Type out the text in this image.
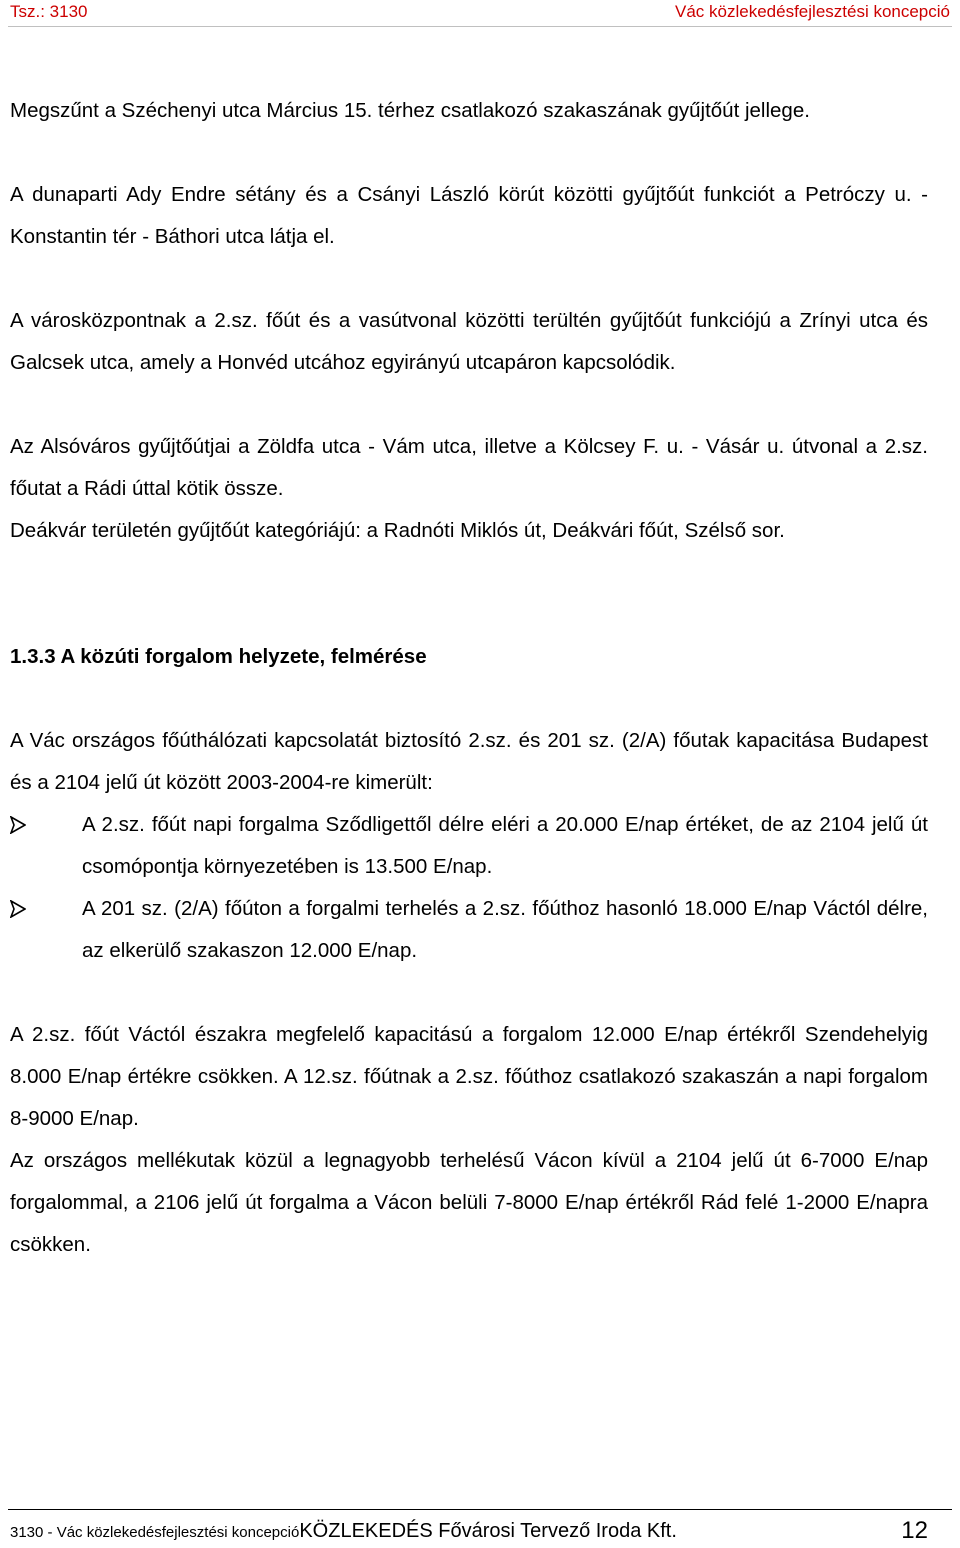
Tsz.: 3130	Vác közlekedésfejlesztési koncepció

Megszűnt a Széchenyi utca Március 15. térhez csatlakozó szakaszának gyűjtőút jellege.

A dunaparti Ady Endre sétány és a Csányi László körút közötti gyűjtőút funkciót a Petróczy u. - Konstantin tér - Báthori utca látja el.

A városközpontnak a 2.sz. főút és a vasútvonal közötti terültén gyűjtőút funkciójú a Zrínyi utca és Galcsek utca, amely a Honvéd utcához egyirányú utcapáron kapcsolódik.

Az Alsóváros gyűjtőútjai a Zöldfa utca - Vám utca, illetve a Kölcsey F. u. - Vásár u. útvonal a 2.sz. főutat a Rádi úttal kötik össze.

Deákvár területén gyűjtőút kategóriájú: a Radnóti Miklós út, Deákvári főút, Szélső sor.

1.3.3 A közúti forgalom helyzete, felmérése

A Vác országos főúthálózati kapcsolatát biztosító 2.sz. és 201 sz. (2/A) főutak kapacitása Budapest és a 2104 jelű út között 2003-2004-re kimerült:

A 2.sz. főút napi forgalma Sződligettől délre eléri a 20.000 E/nap értéket, de az 2104 jelű út csomópontja környezetében is 13.500 E/nap.
A 201 sz. (2/A) főúton a forgalmi terhelés a 2.sz. főúthoz hasonló 18.000 E/nap Váctól délre, az elkerülő szakaszon 12.000 E/nap.

A 2.sz. főút Váctól északra megfelelő kapacitású a forgalom 12.000 E/nap értékről Szendehelyig 8.000 E/nap értékre csökken. A 12.sz. főútnak a 2.sz. főúthoz csatlakozó szakaszán a napi forgalom 8-9000 E/nap.

Az országos mellékutak közül a legnagyobb terhelésű Vácon kívül a 2104 jelű út 6-7000 E/nap forgalommal, a 2106 jelű út forgalma a Vácon belüli 7-8000 E/nap értékről Rád felé 1-2000 E/napra csökken.

3130 - Vác közlekedésfejlesztési koncepcióKÖZLEKEDÉS Fővárosi Tervező Iroda Kft.	12
